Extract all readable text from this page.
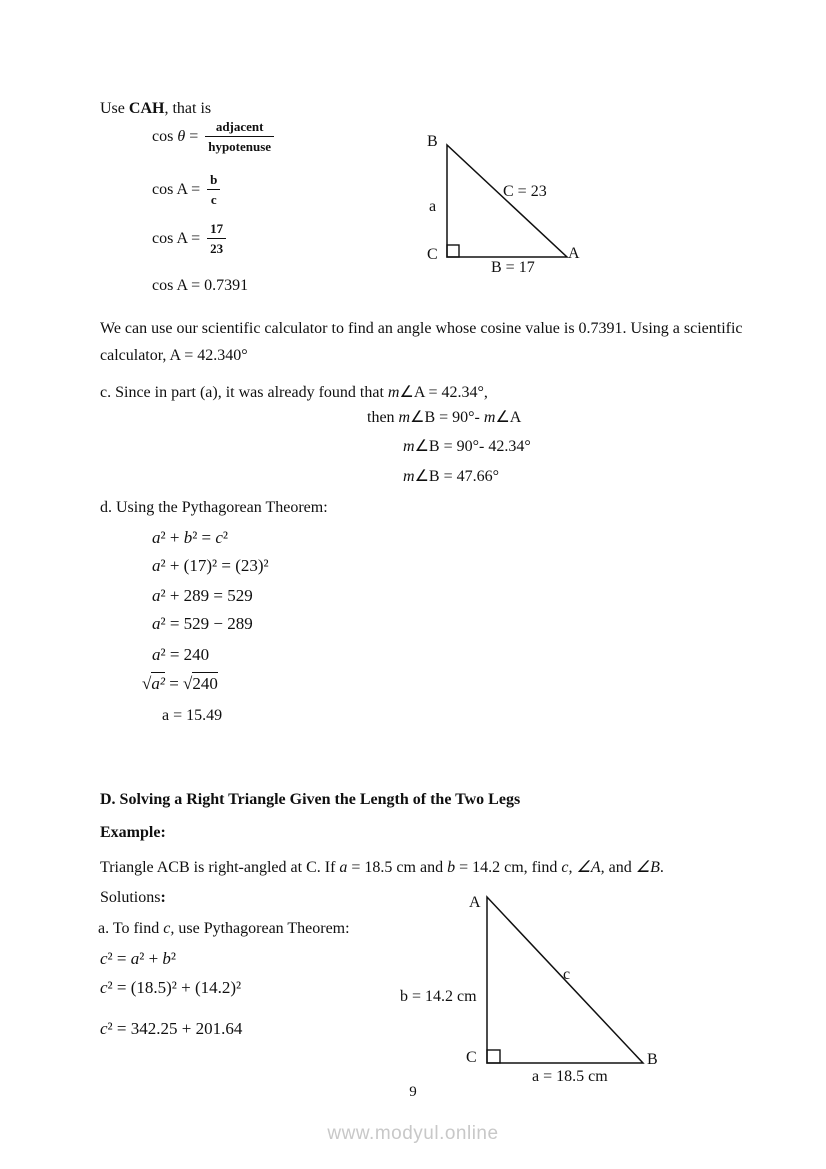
Use CAH, that is
$\cos \theta = \frac{\text{adjacent}}{\text{hypotenuse}}$
$\cos A = \frac{b}{c}$
$\cos A = \frac{17}{23}$
cos A = 0.7391
B
a
C = 23
C	A
B = 17
We can use our scientific calculator to find an angle whose cosine value is 0.7391. Using a scientific calculator, A = 42.340°
c. Since in part (a), it was already found that m∠A = 42.34°,
then m∠B = 90°- m∠A
m∠B = 90°- 42.34°
m∠B = 47.66°
d. Using the Pythagorean Theorem:
a² + b² = c²
a² + (17)² = (23)²
a² + 289 = 529
a² = 529 − 289
a² = 240
√a² = √240
a = 15.49
D. Solving a Right Triangle Given the Length of the Two Legs
Example:
Triangle ACB is right-angled at C. If a = 18.5 cm and b = 14.2 cm, find c, ∠A, and ∠B.
Solutions:
a. To find c, use Pythagorean Theorem:
c² = a² + b²
c² = (18.5)² + (14.2)²
c² = 342.25 + 201.64
A
c
b = 14.2 cm
C	B
a = 18.5 cm
9
www.modyul.online
